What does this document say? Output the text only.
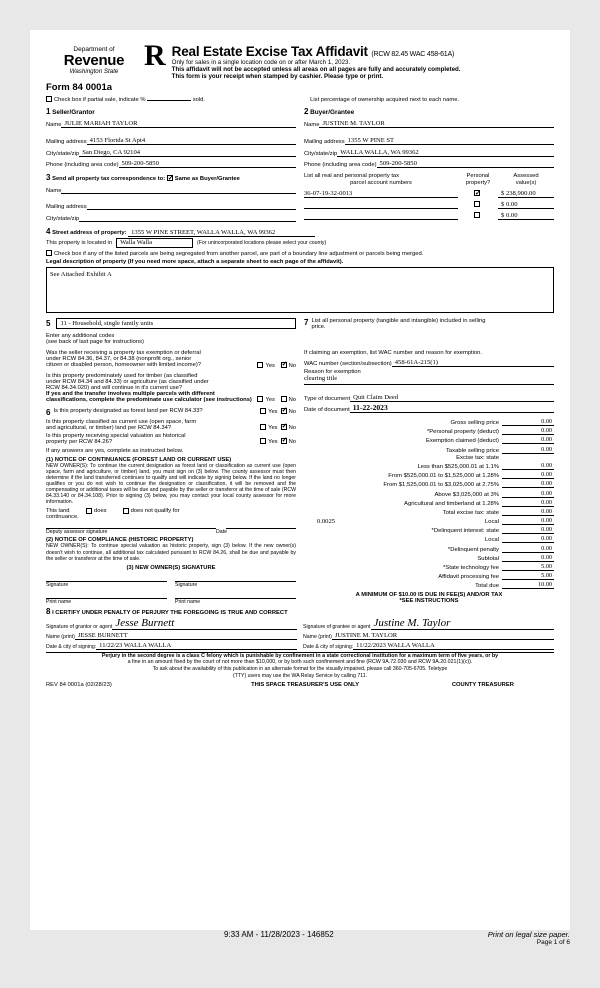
Department of
Revenue
Washington State R Real Estate Excise Tax Affidavit (RCW 82.45 WAC 458-61A)
Only for sales in a single location code on or after March 1, 2023.
This affidavit will not be accepted unless all areas on all pages are fully and accurately completed.
This form is your receipt when stamped by cashier. Please type or print.
Form 84 0001a
Check box if partial sale, indicate %	sold.	List percentage of ownership acquired next to each name.
1 Seller/Grantor
Name JULIE MARIAH TAYLOR
Mailing address 4153 Florida St Apt4
City/state/zip San Diego, CA 92104
Phone (including area code) 509-200-5850
2 Buyer/Grantee
Name JUSTINE M. TAYLOR
Mailing address 1355 W PINE ST
City/state/zip WALLA WALLA, WA 99362
Phone (including area code) 509-200-5850
3 Send all property tax correspondence to: ✓ Same as Buyer/Grantee
Name
Mailing address
City/state/zip
List all real and personal property tax
parcel account numbers
Personal property?
Assessed
value(s)
36-07-19-32-0013	✓	$ 238,900.00
		$ 0.00
		$ 0.00
4 Street address of property: 1355 W PINE STREET, WALLA WALLA, WA 99362
This property is located in	Walla Walla	(For unincorporated locations please select your county)
Check box if any of the listed parcels are being segregated from another parcel, are part of a boundary line adjustment or parcels being merged.
Legal description of property (If you need more space, attach a separate sheet to each page of the affidavit).
See Attached Exhibit A
5	11 - Household, single family units
Enter any additional codes
(see back of last page for instructions)
Was the seller receiving a property tax exemption or deferral
under RCW 84.36, 84.37, or 84.38 (nonprofit org., senior
citizen or disabled person, homeowner with limited income)?	Yes ✓ No
Is this property predominately used for timber (as classified
under RCW 84.34 and 84.33) or agriculture (as classified under
RCW 84.34.020) and will continue in it's current use?
If yes and the transfer involves multiple parcels with different classifications, complete the predominate use calculator (see instructions)	Yes No
6 Is this property designated as forest land per RCW 84.33?	Yes ✓ No
Is this property classified as current use (open space, farm
and agricultural, or timber) land per RCW 84.34?	Yes ✓ No
Is this property receiving special valuation as historical
property per RCW 84.26?	Yes ✓ No
If any answers are yes, complete as instructed below.
(1) NOTICE OF CONTINUANCE (FOREST LAND OR CURRENT USE)
NEW OWNER(S): To continue the current designation as forest land or classification as current use (open space, farm and agriculture, or timber) land, you must sign on (3) below. The county assessor must then determine if the land transferred continues to qualify and will indicate by signing below. If the land no longer qualifies or you do not wish to continue the designation or classification, it will be removed and the compensating or additional taxes will be due and payable by the seller or transferor at the time of sale (RCW 84.33.140 or 84.34.108). Prior to signing (3) below, you may contact your local county assessor for more information.
This land	does	does not qualify for
continuance.
Deputy assessor signature	Date
(2) NOTICE OF COMPLIANCE (HISTORIC PROPERTY)
NEW OWNER(S): To continue special valuation as historic property, sign (3) below. If the new owner(s) doesn't wish to continue, all additional tax calculated pursuant to RCW 84.26, shall be due and payable by the seller or transferor at the time of sale.
(3) NEW OWNER(S) SIGNATURE
Signature	Signature
Print name	Print name
7 List all personal property (tangible and intangible) included in selling
price.
If claiming an exemption, list WAC number and reason for exemption.
WAC number (section/subsection) 458-61A-215(1)
Reason for exemption
clearing title
Type of document Quit Claim Deed
Date of document 11-22-2023
Gross selling price	0.00
*Personal property (deduct)	0.00
Exemption claimed (deduct)	0.00
Taxable selling price	0.00
Excise tax: state
Less than $525,000.01 at 1.1%	0.00
From $525,000.01 to $1,525,000 at 1.28%	0.00
From $1,525,000.01 to $3,025,000 at 2.75%	0.00
Above $3,025,000 at 3%	0.00
Agricultural and timberland at 1.28%	0.00
Total excise tax: state	0.00
0.0025	Local	0.00
*Delinquent interest: state	0.00
Local	0.00
*Delinquent penalty	0.00
Subtotal	0.00
*State technology fee	5.00
Affidavit processing fee	5.00
Total due	10.00
A MINIMUM OF $10.00 IS DUE IN FEE(S) AND/OR TAX
*SEE INSTRUCTIONS
8 I CERTIFY UNDER PENALTY OF PERJURY THE FOREGOING IS TRUE AND CORRECT
Signature of grantor or agent Jesse Burnett
Name (print) JESSE BURNETT
Date & city of signing: 11/22/23 WALLA WALLA
Signature of grantee or agent Justine M. Taylor
Name (print) JUSTINE M. TAYLOR
Date & city of signing: 11/22/2023 WALLA WALLA
Perjury in the second degree is a class C felony which is punishable by confinement in a state correctional institution for a maximum term of five years, or by
a fine in an amount fixed by the court of not more than $10,000, or by both such confinement and fine (RCW 9A.72.030 and RCW 9A.20.021(1)(c)).
To ask about the availability of this publication in an alternate format for the visually impaired, please call 360-705-6705. Teletype
(TTY) users may use the WA Relay Service by calling 711.
REV 84 0001a (02/28/23)	THIS SPACE TREASURER'S USE ONLY	COUNTY TREASURER
9:33 AM - 11/28/2023 - 146852	Print on legal size paper.
Page 1 of 6
